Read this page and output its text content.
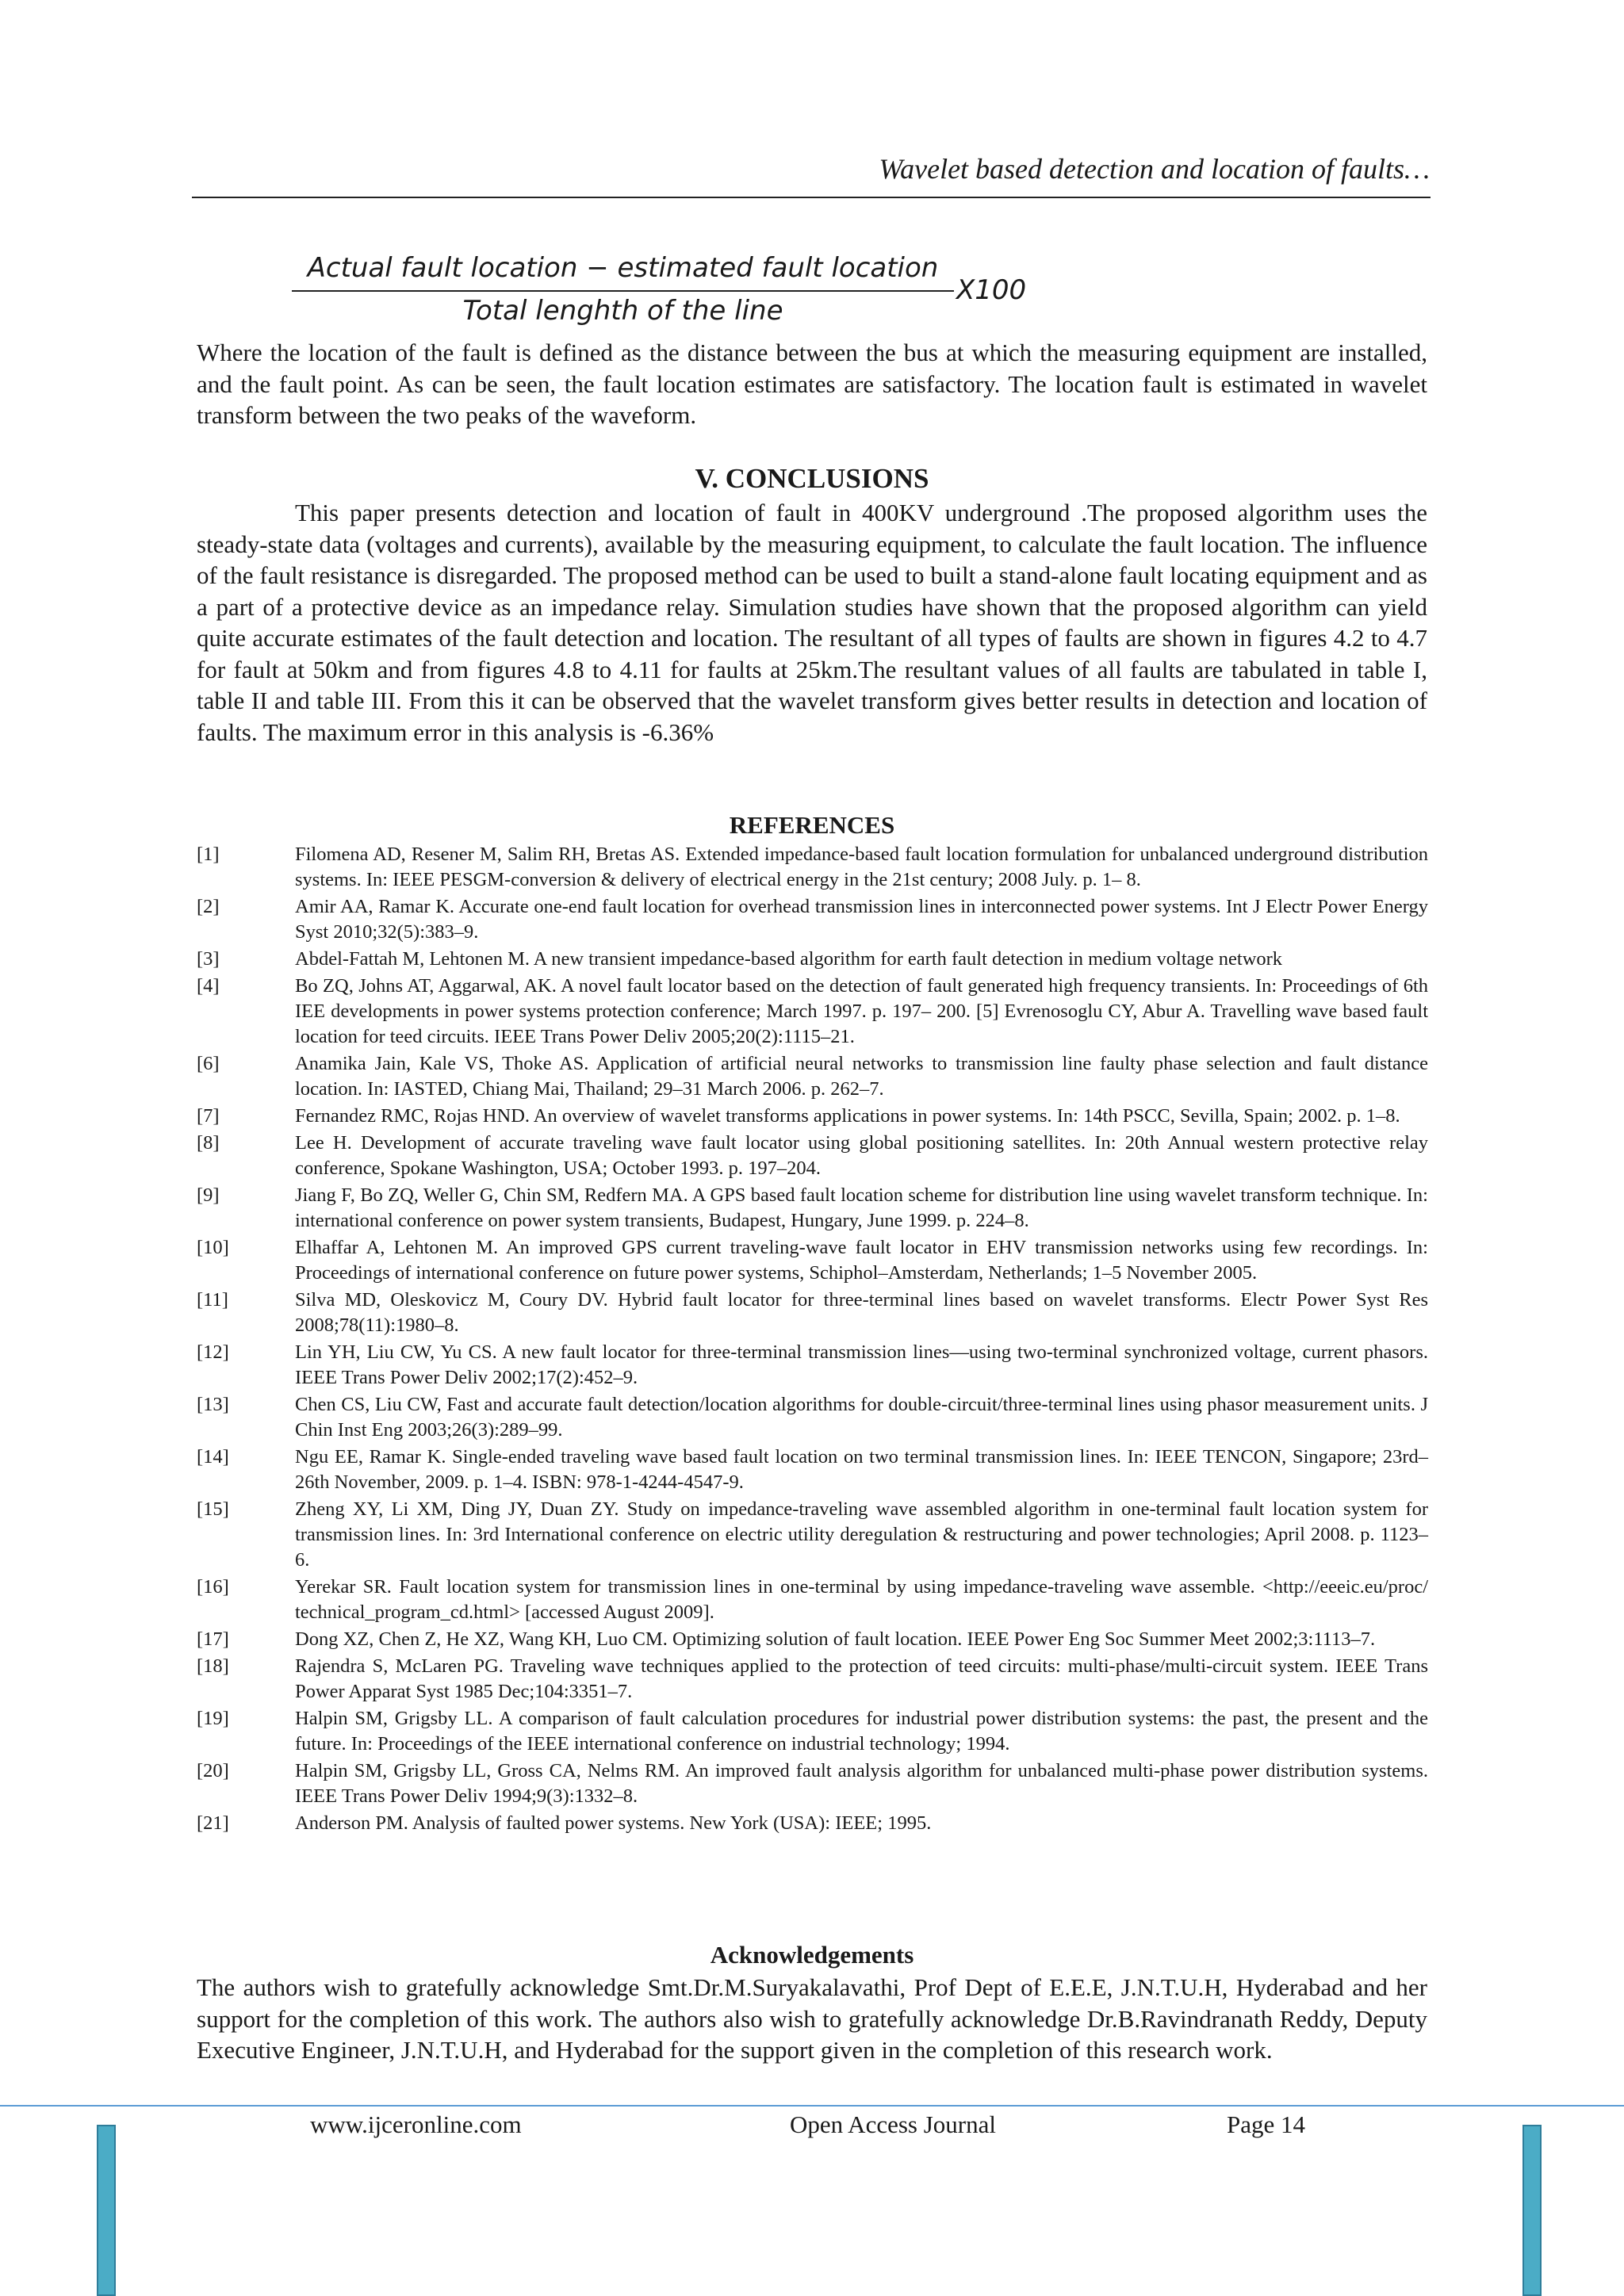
Wavelet based detection and location of faults…
Actual fault location − estimated fault location
Total lenghth of the line
X100

Where the location of the fault is defined as the distance between the bus at which the measuring equipment are installed, and the fault point. As can be seen, the fault location estimates are satisfactory. The location fault is estimated in wavelet transform between the two peaks of the waveform.

V. CONCLUSIONS

This paper presents detection and location of fault in 400KV underground .The proposed algorithm uses the steady-state data (voltages and currents), available by the measuring equipment, to calculate the fault location. The influence of the fault resistance is disregarded. The proposed method can be used to built a stand-alone fault locating equipment and as a part of a protective device as an impedance relay. Simulation studies have shown that the proposed algorithm can yield quite accurate estimates of the fault detection and location. The resultant of all types of faults are shown in figures 4.2 to 4.7 for fault at 50km and from figures 4.8 to 4.11 for faults at 25km.The resultant values of all faults are tabulated in table I, table II and table III. From this it can be observed that the wavelet transform gives better results in detection and location of faults. The maximum error in this analysis is -6.36%

REFERENCES
[1]	Filomena AD, Resener M, Salim RH, Bretas AS. Extended impedance-based fault location formulation for unbalanced underground distribution systems. In: IEEE PESGM-conversion & delivery of electrical energy in the 21st century; 2008 July. p. 1– 8.
[2]	Amir AA, Ramar K. Accurate one-end fault location for overhead transmission lines in interconnected power systems. Int J Electr Power Energy Syst 2010;32(5):383–9.
[3]	Abdel-Fattah M, Lehtonen M. A new transient impedance-based algorithm for earth fault detection in medium voltage network
[4]	Bo ZQ, Johns AT, Aggarwal, AK. A novel fault locator based on the detection of fault generated high frequency transients. In: Proceedings of 6th IEE developments in power systems protection conference; March 1997. p. 197– 200. [5] Evrenosoglu CY, Abur A. Travelling wave based fault location for teed circuits. IEEE Trans Power Deliv 2005;20(2):1115–21.
[6]	Anamika Jain, Kale VS, Thoke AS. Application of artificial neural networks to transmission line faulty phase selection and fault distance location. In: IASTED, Chiang Mai, Thailand; 29–31 March 2006. p. 262–7.
[7]	Fernandez RMC, Rojas HND. An overview of wavelet transforms applications in power systems. In: 14th PSCC, Sevilla, Spain; 2002. p. 1–8.
[8]	Lee H. Development of accurate traveling wave fault locator using global positioning satellites. In: 20th Annual western protective relay conference, Spokane Washington, USA; October 1993. p. 197–204.
[9]	Jiang F, Bo ZQ, Weller G, Chin SM, Redfern MA. A GPS based fault location scheme for distribution line using wavelet transform technique. In: international conference on power system transients, Budapest, Hungary, June 1999. p. 224–8.
[10]	Elhaffar A, Lehtonen M. An improved GPS current traveling-wave fault locator in EHV transmission networks using few recordings. In: Proceedings of international conference on future power systems, Schiphol–Amsterdam, Netherlands; 1–5 November 2005.
[11]	Silva MD, Oleskovicz M, Coury DV. Hybrid fault locator for three-terminal lines based on wavelet transforms. Electr Power Syst Res 2008;78(11):1980–8.
[12]	Lin YH, Liu CW, Yu CS. A new fault locator for three-terminal transmission lines—using two-terminal synchronized voltage, current phasors. IEEE Trans Power Deliv 2002;17(2):452–9.
[13]	Chen CS, Liu CW, Fast and accurate fault detection/location algorithms for double-circuit/three-terminal lines using phasor measurement units. J Chin Inst Eng 2003;26(3):289–99.
[14]	Ngu EE, Ramar K. Single-ended traveling wave based fault location on two terminal transmission lines. In: IEEE TENCON, Singapore; 23rd–26th November, 2009. p. 1–4. ISBN: 978-1-4244-4547-9.
[15]	Zheng XY, Li XM, Ding JY, Duan ZY. Study on impedance-traveling wave assembled algorithm in one-terminal fault location system for transmission lines. In: 3rd International conference on electric utility deregulation & restructuring and power technologies; April 2008. p. 1123–6.
[16]	Yerekar SR. Fault location system for transmission lines in one-terminal by using impedance-traveling wave assemble. <http://eeeic.eu/proc/ technical_program_cd.html> [accessed August 2009].
[17]	Dong XZ, Chen Z, He XZ, Wang KH, Luo CM. Optimizing solution of fault location. IEEE Power Eng Soc Summer Meet 2002;3:1113–7.
[18]	Rajendra S, McLaren PG. Traveling wave techniques applied to the protection of teed circuits: multi-phase/multi-circuit system. IEEE Trans Power Apparat Syst 1985 Dec;104:3351–7.
[19]	Halpin SM, Grigsby LL. A comparison of fault calculation procedures for industrial power distribution systems: the past, the present and the future. In: Proceedings of the IEEE international conference on industrial technology; 1994.
[20]	Halpin SM, Grigsby LL, Gross CA, Nelms RM. An improved fault analysis algorithm for unbalanced multi-phase power distribution systems. IEEE Trans Power Deliv 1994;9(3):1332–8.
[21]	Anderson PM. Analysis of faulted power systems. New York (USA): IEEE; 1995.
Acknowledgements

The authors wish to gratefully acknowledge Smt.Dr.M.Suryakalavathi, Prof Dept of E.E.E, J.N.T.U.H, Hyderabad and her support for the completion of this work. The authors also wish to gratefully acknowledge Dr.B.Ravindranath Reddy, Deputy Executive Engineer, J.N.T.U.H, and Hyderabad for the support given in the completion of this research work.

www.ijceronline.com	Open Access Journal	Page 14
